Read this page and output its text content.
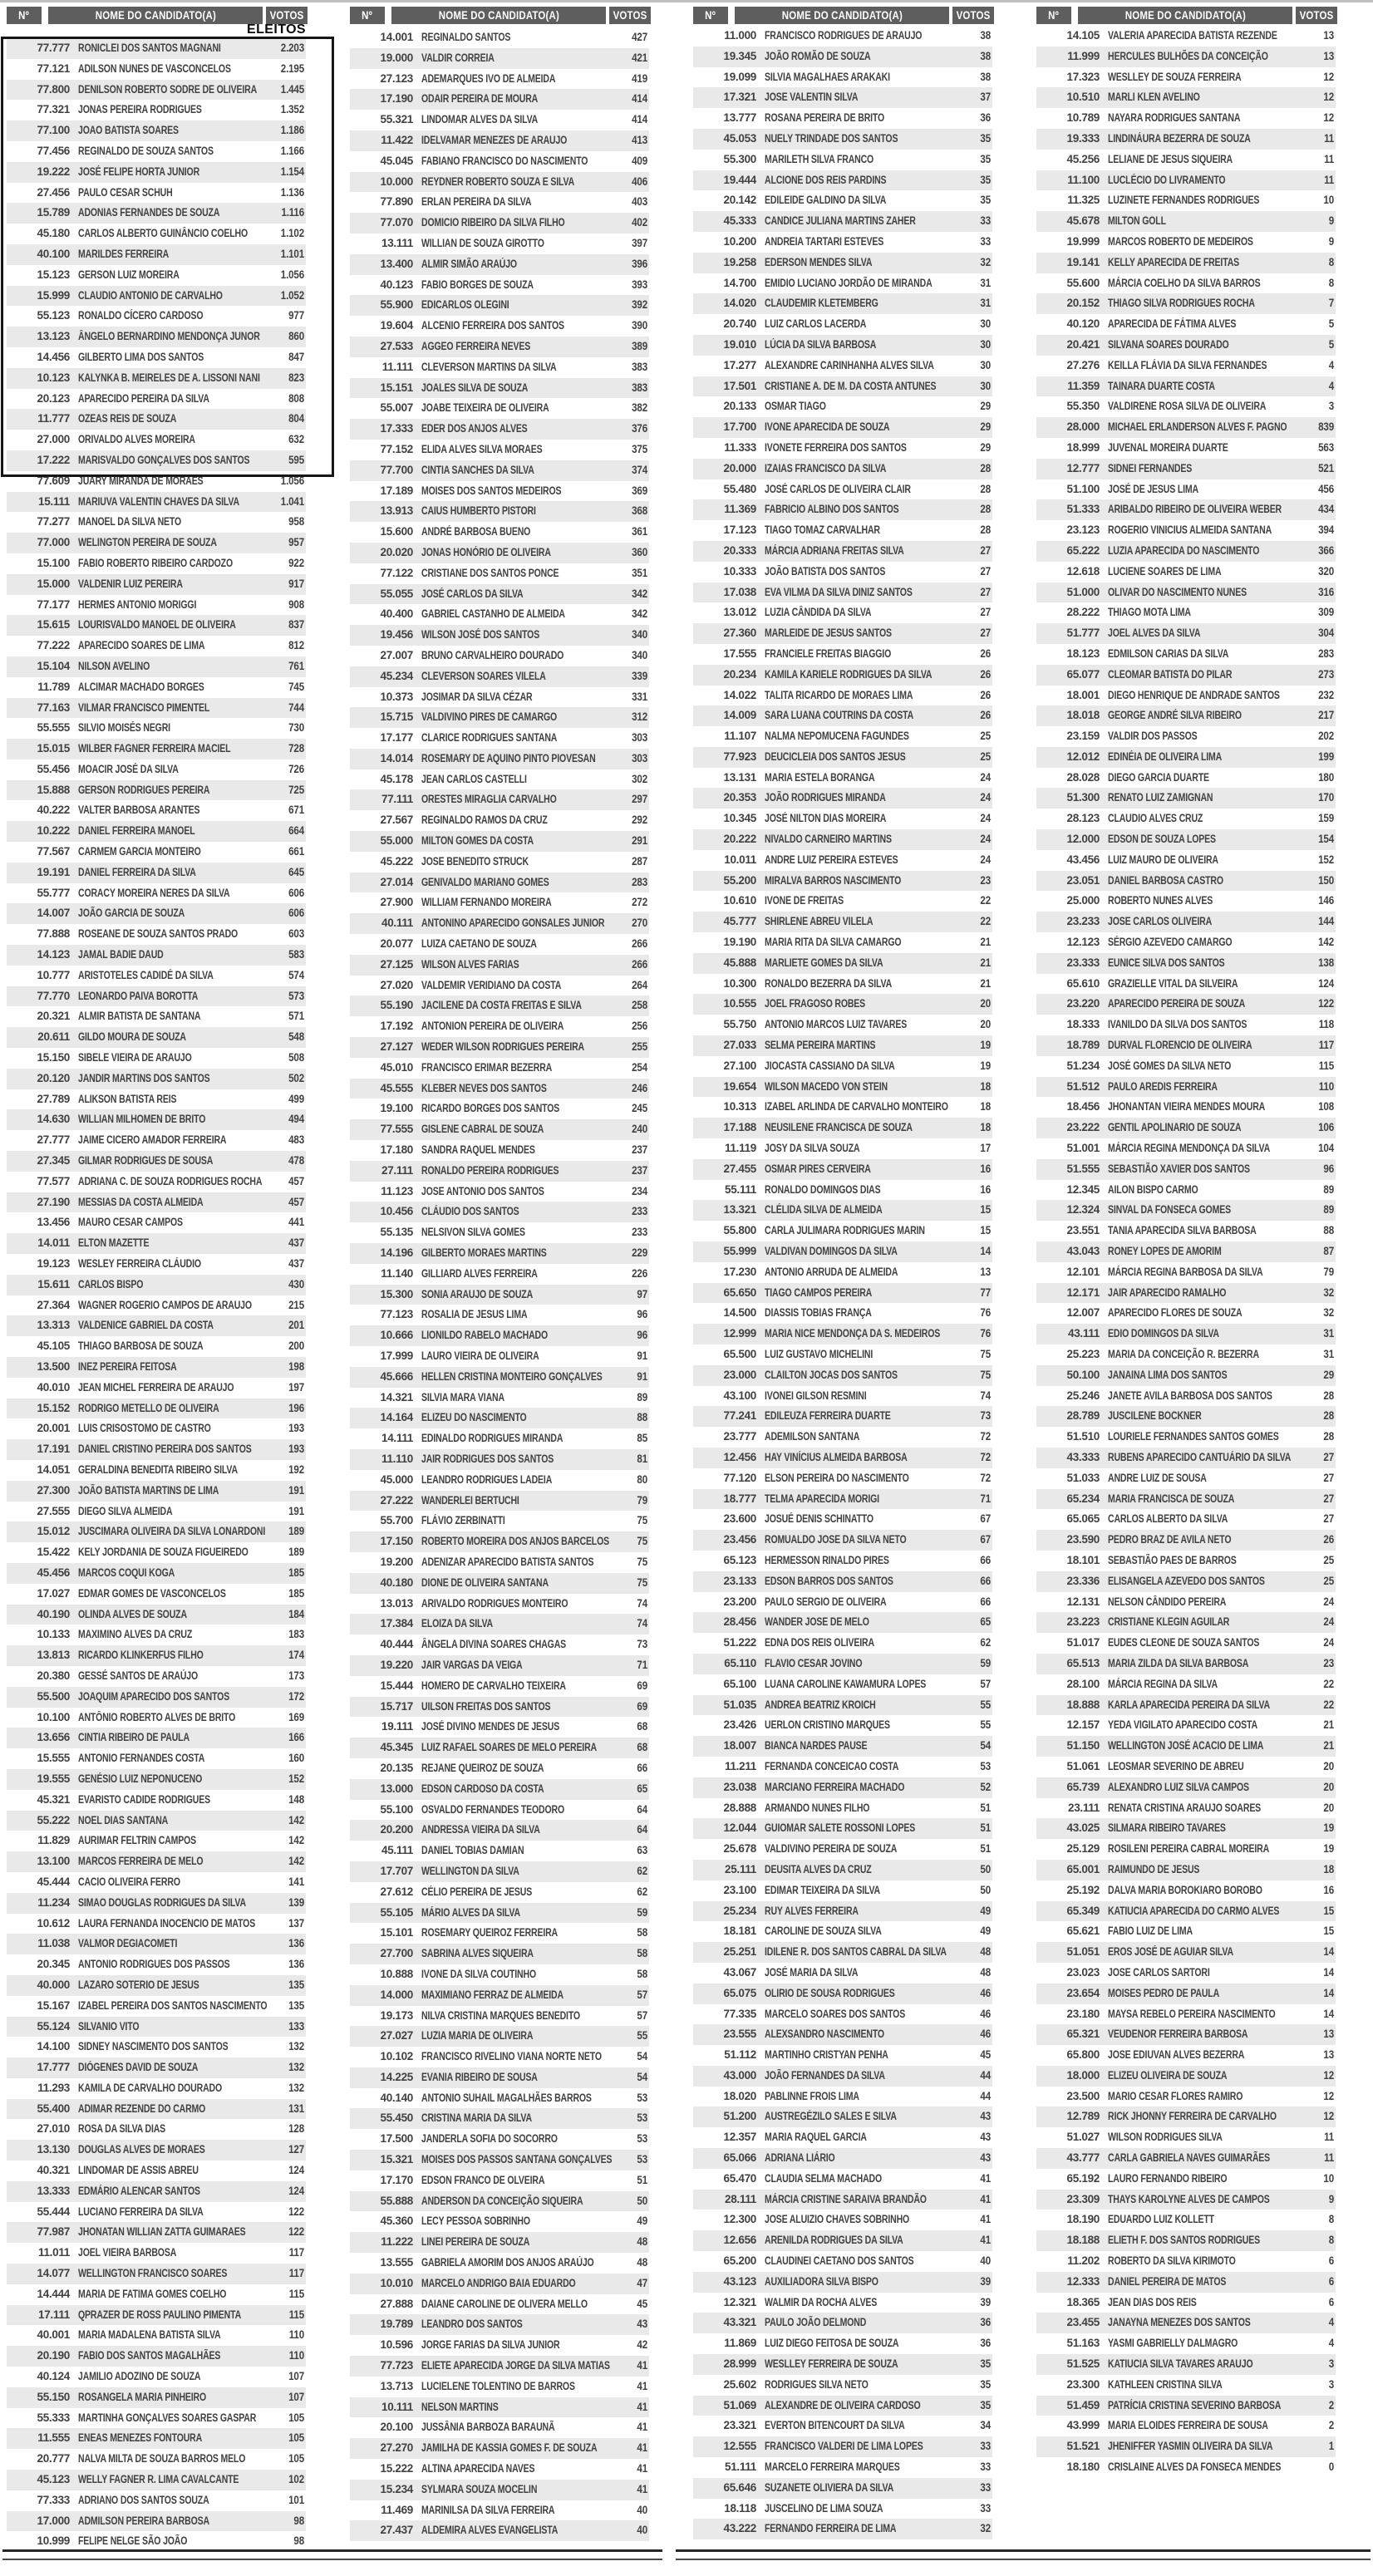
Nº	NOME DO CANDIDATO(A)	VOTOS
77.777 RONICLEI DOS SANTOS MAGNANI	2.203
77.121 ADILSON NUNES DE VASCONCELOS	2.195
77.800 DENILSON ROBERTO SODRE DE OLIVEIRA	1.445
77.321 JONAS PEREIRA RODRIGUES	1.352
77.100 JOAO BATISTA SOARES	1.186
77.456 REGINALDO DE SOUZA SANTOS	1.166
19.222 JOSÉ FELIPE HORTA JUNIOR	1.154
27.456 PAULO CESAR SCHUH	1.136
15.789 ADONIAS FERNANDES DE SOUZA	1.116
45.180 CARLOS ALBERTO GUINÂNCIO COELHO	1.102
40.100 MARILDES FERREIRA	1.101
15.123 GERSON LUIZ MOREIRA	1.056
15.999 CLAUDIO ANTONIO DE CARVALHO	1.052
55.123 RONALDO CÍCERO CARDOSO	977
13.123 ÂNGELO BERNARDINO MENDONÇA JUNOR	860
14.456 GILBERTO LIMA DOS SANTOS	847
10.123 KALYNKA B. MEIRELES DE A. LISSONI NANI	823
20.123 APARECIDO PEREIRA DA SILVA	808
11.777 OZEAS REIS DE SOUZA	804
27.000 ORIVALDO ALVES MOREIRA	632
17.222 MARISVALDO GONÇALVES DOS SANTOS	595
77.609 JUARY MIRANDA DE MORAES	1.056
15.111 MARIUVA VALENTIN CHAVES DA SILVA	1.041
77.277 MANOEL DA SILVA NETO	958
77.000 WELINGTON PEREIRA DE SOUZA	957
15.100 FABIO ROBERTO RIBEIRO CARDOZO	922
15.000 VALDENIR LUIZ PEREIRA	917
77.177 HERMES ANTONIO MORIGGI	908
15.615 LOURISVALDO MANOEL DE OLIVEIRA	837
77.222 APARECIDO SOARES DE LIMA	812
15.104 NILSON AVELINO	761
11.789 ALCIMAR MACHADO BORGES	745
77.163 VILMAR FRANCISCO PIMENTEL	744
55.555 SILVIO MOISÉS NEGRI	730
15.015 WILBER FAGNER FERREIRA MACIEL	728
55.456 MOACIR JOSÉ DA SILVA	726
15.888 GERSON RODRIGUES PEREIRA	725
40.222 VALTER BARBOSA ARANTES	671
10.222 DANIEL FERREIRA MANOEL	664
77.567 CARMEM GARCIA MONTEIRO	661
19.191 DANIEL FERREIRA DA SILVA	645
55.777 CORACY MOREIRA NERES DA SILVA	606
14.007 JOÃO GARCIA DE SOUZA	606
77.888 ROSEANE DE SOUZA SANTOS PRADO	603
14.123 JAMAL BADIE DAUD	583
10.777 ARISTOTELES CADIDÉ DA SILVA	574
77.770 LEONARDO PAIVA BOROTTA	573
20.321 ALMIR BATISTA DE SANTANA	571
20.611 GILDO MOURA DE SOUZA	548
15.150 SIBELE VIEIRA DE ARAUJO	508
20.120 JANDIR MARTINS DOS SANTOS	502
27.789 ALIKSON BATISTA REIS	499
14.630 WILLIAN MILHOMEN DE BRITO	494
27.777 JAIME CICERO AMADOR FERREIRA	483
27.345 GILMAR RODRIGUES DE SOUSA	478
77.577 ADRIANA C. DE SOUZA RODRIGUES ROCHA	457
27.190 MESSIAS DA COSTA ALMEIDA	457
13.456 MAURO CESAR CAMPOS	441
14.011 ELTON MAZETTE	437
19.123 WESLEY FERREIRA CLÁUDIO	437
15.611 CARLOS BISPO	430
27.364 WAGNER ROGERIO CAMPOS DE ARAUJO	215
13.313 VALDENICE GABRIEL DA COSTA	201
45.105 THIAGO BARBOSA DE SOUZA	200
13.500 INEZ PEREIRA FEITOSA	198
40.010 JEAN MICHEL FERREIRA DE ARAUJO	197
15.152 RODRIGO METELLO DE OLIVEIRA	196
20.001 LUIS CRISOSTOMO DE CASTRO	193
17.191 DANIEL CRISTINO PEREIRA DOS SANTOS	193
14.051 GERALDINA BENEDITA RIBEIRO SILVA	192
27.300 JOÃO BATISTA MARTINS DE LIMA	191
27.555 DIEGO SILVA ALMEIDA	191
15.012 JUSCIMARA OLIVEIRA DA SILVA LONARDONI	189
15.422 KELY JORDANIA DE SOUZA FIGUEIREDO	189
45.456 MARCOS COQUI KOGA	185
17.027 EDMAR GOMES DE VASCONCELOS	185
40.190 OLINDA ALVES DE SOUZA	184
10.133 MAXIMINO ALVES DA CRUZ	183
13.813 RICARDO KLINKERFUS FILHO	174
20.380 GESSÉ SANTOS DE ARAÚJO	173
55.500 JOAQUIM APARECIDO DOS SANTOS	172
10.100 ANTÔNIO ROBERTO ALVES DE BRITO	169
13.656 CINTIA RIBEIRO DE PAULA	166
15.555 ANTONIO FERNANDES COSTA	160
19.555 GENÉSIO LUIZ NEPONUCENO	152
45.321 EVARISTO CADIDE RODRIGUES	148
55.222 NOEL DIAS SANTANA	142
11.829 AURIMAR FELTRIN CAMPOS	142
13.100 MARCOS FERREIRA DE MELO	142
45.444 CACIO OLIVEIRA FERRO	141
11.234 SIMAO DOUGLAS RODRIGUES DA SILVA	139
10.612 LAURA FERNANDA INOCENCIO DE MATOS	137
11.038 VALMOR DEGIACOMETI	136
20.345 ANTONIO RODRIGUES DOS PASSOS	136
40.000 LAZARO SOTERIO DE JESUS	135
15.167 IZABEL PEREIRA DOS SANTOS NASCIMENTO	135
55.124 SILVANIO VITO	133
14.100 SIDNEY NASCIMENTO DOS SANTOS	132
17.777 DIÓGENES DAVID DE SOUZA	132
11.293 KAMILA DE CARVALHO DOURADO	132
55.400 ADIMAR REZENDE DO CARMO	131
27.010 ROSA DA SILVA DIAS	128
13.130 DOUGLAS ALVES DE MORAES	127
40.321 LINDOMAR DE ASSIS ABREU	124
13.333 EDMÁRIO ALENCAR SANTOS	124
55.444 LUCIANO FERREIRA DA SILVA	122
77.987 JHONATAN WILLIAN ZATTA GUIMARAES	122
11.011 JOEL VIEIRA BARBOSA	117
14.077 WELLINGTON FRANCISCO SOARES	117
14.444 MARIA DE FATIMA GOMES COELHO	115
17.111 QPRAZER DE ROSS PAULINO PIMENTA	115
40.001 MARIA MADALENA BATISTA SILVA	110
20.190 FABIO DOS SANTOS MAGALHÃES	110
40.124 JAMILIO ADOZINO DE SOUZA	107
55.150 ROSANGELA MARIA PINHEIRO	107
55.333 MARTINHA GONÇALVES SOARES GASPAR	105
11.555 ENEAS MENEZES FONTOURA	105
20.777 NALVA MILTA DE SOUZA BARROS MELO	105
45.123 WELLY FAGNER R. LIMA CAVALCANTE	102
77.333 ADRIANO DOS SANTOS SOUZA	101
17.000 ADMILSON PEREIRA BARBOSA	98
10.999 FELIPE NELGE SÃO JOÃO	98
ELEITOS
Nº	NOME DO CANDIDATO(A)	VOTOS
14.001 REGINALDO SANTOS	427
19.000 VALDIR CORREIA	421
27.123 ADEMARQUES IVO DE ALMEIDA	419
17.190 ODAIR PEREIRA DE MOURA	414
55.321 LINDOMAR ALVES DA SILVA	414
11.422 IDELVAMAR MENEZES DE ARAUJO	413
45.045 FABIANO FRANCISCO DO NASCIMENTO	409
10.000 REYDNER ROBERTO SOUZA E SILVA	406
77.890 ERLAN PEREIRA DA SILVA	403
77.070 DOMICIO RIBEIRO DA SILVA FILHO	402
13.111 WILLIAN DE SOUZA GIROTTO	397
13.400 ALMIR SIMÃO ARAÚJO	396
40.123 FABIO BORGES DE SOUZA	393
55.900 EDICARLOS OLEGINI	392
19.604 ALCENIO FERREIRA DOS SANTOS	390
27.533 AGGEO FERREIRA NEVES	389
11.111 CLEVERSON MARTINS DA SILVA	383
15.151 JOALES SILVA DE SOUZA	383
55.007 JOABE TEIXEIRA DE OLIVEIRA	382
17.333 EDER DOS ANJOS ALVES	376
77.152 ELIDA ALVES SILVA MORAES	375
77.700 CINTIA SANCHES DA SILVA	374
17.189 MOISES DOS SANTOS MEDEIROS	369
13.913 CAIUS HUMBERTO PISTORI	368
15.600 ANDRÉ BARBOSA BUENO	361
20.020 JONAS HONÓRIO DE OLIVEIRA	360
77.122 CRISTIANE DOS SANTOS PONCE	351
55.055 JOSÉ CARLOS DA SILVA	342
40.400 GABRIEL CASTANHO DE ALMEIDA	342
19.456 WILSON JOSÉ DOS SANTOS	340
27.007 BRUNO CARVALHEIRO DOURADO	340
45.234 CLEVERSON SOARES VILELA	339
10.373 JOSIMAR DA SILVA CÉZAR	331
15.715 VALDIVINO PIRES DE CAMARGO	312
17.177 CLARICE RODRIGUES SANTANA	303
14.014 ROSEMARY DE AQUINO PINTO PIOVESAN	303
45.178 JEAN CARLOS CASTELLI	302
77.111 ORESTES MIRAGLIA CARVALHO	297
27.567 REGINALDO RAMOS DA CRUZ	292
55.000 MILTON GOMES DA COSTA	291
45.222 JOSE BENEDITO STRUCK	287
27.014 GENIVALDO MARIANO GOMES	283
27.900 WILLIAM FERNANDO MOREIRA	272
40.111 ANTONINO APARECIDO GONSALES JUNIOR	270
20.077 LUIZA CAETANO DE SOUZA	266
27.125 WILSON ALVES FARIAS	266
27.020 VALDEMIR VERIDIANO DA COSTA	264
55.190 JACILENE DA COSTA FREITAS E SILVA	258
17.192 ANTONION PEREIRA DE OLIVEIRA	256
27.127 WEDER WILSON RODRIGUES PEREIRA	255
45.010 FRANCISCO ERIMAR BEZERRA	254
45.555 KLEBER NEVES DOS SANTOS	246
19.100 RICARDO BORGES DOS SANTOS	245
77.555 GISLENE CABRAL DE SOUZA	240
17.180 SANDRA RAQUEL MENDES	237
27.111 RONALDO PEREIRA RODRIGUES	237
11.123 JOSE ANTONIO DOS SANTOS	234
10.456 CLÁUDIO DOS SANTOS	233
55.135 NELSIVON SILVA GOMES	233
14.196 GILBERTO MORAES MARTINS	229
11.140 GILLIARD ALVES FERREIRA	226
15.300 SONIA ARAUJO DE SOUZA	97
77.123 ROSALIA DE JESUS LIMA	96
10.666 LIONILDO RABELO MACHADO	96
17.999 LAURO VIEIRA DE OLIVEIRA	91
45.666 HELLEN CRISTINA MONTEIRO GONÇALVES	91
14.321 SILVIA MARA VIANA	89
14.164 ELIZEU DO NASCIMENTO	88
14.111 EDINALDO RODRIGUES MIRANDA	85
11.110 JAIR RODRIGUES DOS SANTOS	81
45.000 LEANDRO RODRIGUES LADEIA	80
27.222 WANDERLEI BERTUCHI	79
55.700 FLÁVIO ZERBINATTI	75
17.150 ROBERTO MOREIRA DOS ANJOS BARCELOS	75
19.200 ADENIZAR APARECIDO BATISTA SANTOS	75
40.180 DIONE DE OLIVEIRA SANTANA	75
13.013 ARIVALDO RODRIGUES MONTEIRO	74
17.384 ELOIZA DA SILVA	74
40.444 ÂNGELA DIVINA SOARES CHAGAS	73
19.220 JAIR VARGAS DA VEIGA	71
15.444 HOMERO DE CARVALHO TEIXEIRA	69
15.717 UILSON FREITAS DOS SANTOS	69
19.111 JOSÉ DIVINO MENDES DE JESUS	68
45.345 LUIZ RAFAEL SOARES DE MELO PEREIRA	68
20.135 REJANE QUEIROZ DE SOUZA	66
13.000 EDSON CARDOSO DA COSTA	65
55.100 OSVALDO FERNANDES TEODORO	64
20.200 ANDRESSA VIEIRA DA SILVA	64
45.111 DANIEL TOBIAS DAMIAN	63
17.707 WELLINGTON DA SILVA	62
27.612 CÉLIO PEREIRA DE JESUS	62
55.105 MÁRIO ALVES DA SILVA	59
15.101 ROSEMARY QUEIROZ FERREIRA	58
27.700 SABRINA ALVES SIQUEIRA	58
10.888 IVONE DA SILVA COUTINHO	58
14.000 MAXIMIANO FERRAZ DE ALMEIDA	57
19.173 NILVA CRISTINA MARQUES BENEDITO	57
27.027 LUZIA MARIA DE OLIVEIRA	55
10.102 FRANCISCO RIVELINO VIANA NORTE NETO	54
14.225 EVANIA RIBEIRO DE SOUSA	54
40.140 ANTONIO SUHAIL MAGALHÃES BARROS	53
55.450 CRISTINA MARIA DA SILVA	53
17.500 JANDERLA SOFIA DO SOCORRO	53
15.321 MOISES DOS PASSOS SANTANA GONÇALVES	53
17.170 EDSON FRANCO DE OLVEIRA	51
55.888 ANDERSON DA CONCEIÇÃO SIQUEIRA	50
45.360 LECY PESSOA SOBRINHO	49
11.222 LINEI PEREIRA DE SOUZA	48
13.555 GABRIELA AMORIM DOS ANJOS ARAÚJO	48
10.010 MARCELO ANDRIGO BAIA EDUARDO	47
27.888 DAIANE CAROLINE DE OLIVERA MELLO	45
19.789 LEANDRO DOS SANTOS	43
10.596 JORGE FARIAS DA SILVA JUNIOR	42
77.723 ELIETE APARECIDA JORGE DA SILVA MATIAS	41
13.713 LUCIELENE TOLENTINO DE BARROS	41
10.111 NELSON MARTINS	41
20.100 JUSSÂNIA BARBOZA BARAUNÃ	41
27.270 JAMILHA DE KASSIA GOMES F. DE SOUZA	41
15.222 ALTINA APARECIDA NAVES	41
15.234 SYLMARA SOUZA MOCELIN	41
11.469 MARINILSA DA SILVA FERREIRA	40
27.437 ALDEMIRA ALVES EVANGELISTA	40
Nº	NOME DO CANDIDATO(A)	VOTOS
11.000 FRANCISCO RODRIGUES DE ARAUJO	38
19.345 JOÃO ROMÃO DE SOUZA	38
19.099 SILVIA MAGALHAES ARAKAKI	38
17.321 JOSE VALENTIN SILVA	37
13.777 ROSANA PEREIRA DE BRITO	36
45.053 NUELY TRINDADE DOS SANTOS	35
55.300 MARILETH SILVA FRANCO	35
19.444 ALCIONE DOS REIS PARDINS	35
20.142 EDILEIDE GALDINO DA SILVA	35
45.333 CANDICE JULIANA MARTINS ZAHER	33
10.200 ANDREIA TARTARI ESTEVES	33
19.258 EDERSON MENDES SILVA	32
14.700 EMIDIO LUCIANO JORDÃO DE MIRANDA	31
14.020 CLAUDEMIR KLETEMBERG	31
20.740 LUIZ CARLOS LACERDA	30
19.010 LÚCIA DA SILVA BARBOSA	30
17.277 ALEXANDRE CARINHANHA ALVES SILVA	30
17.501 CRISTIANE A. DE M. DA COSTA ANTUNES	30
20.133 OSMAR TIAGO	29
17.700 IVONE APARECIDA DE SOUZA	29
11.333 IVONETE FERREIRA DOS SANTOS	29
20.000 IZAIAS FRANCISCO DA SILVA	28
55.480 JOSÉ CARLOS DE OLIVEIRA CLAIR	28
11.369 FABRICIO ALBINO DOS SANTOS	28
17.123 TIAGO TOMAZ CARVALHAR	28
20.333 MÁRCIA ADRIANA FREITAS SILVA	27
10.333 JOÃO BATISTA DOS SANTOS	27
17.038 EVA VILMA DA SILVA DINIZ SANTOS	27
13.012 LUZIA CÂNDIDA DA SILVA	27
27.360 MARLEIDE DE JESUS SANTOS	27
17.555 FRANCIELE FREITAS BIAGGIO	26
20.234 KAMILA KARIELE RODRIGUES DA SILVA	26
14.022 TALITA RICARDO DE MORAES LIMA	26
14.009 SARA LUANA COUTRINS DA COSTA	26
11.107 NALMA NEPOMUCENA FAGUNDES	25
77.923 DEUCICLEIA DOS SANTOS JESUS	25
13.131 MARIA ESTELA BORANGA	24
20.353 JOÃO RODRIGUES MIRANDA	24
10.345 JOSÉ NILTON DIAS MOREIRA	24
20.222 NIVALDO CARNEIRO MARTINS	24
10.011 ANDRE LUIZ PEREIRA ESTEVES	24
55.200 MIRALVA BARROS NASCIMENTO	23
10.610 IVONE DE FREITAS	22
45.777 SHIRLENE ABREU VILELA	22
19.190 MARIA RITA DA SILVA CAMARGO	21
45.888 MARLIETE GOMES DA SILVA	21
10.300 RONALDO BEZERRA DA SILVA	21
10.555 JOEL FRAGOSO ROBES	20
55.750 ANTONIO MARCOS LUIZ TAVARES	20
27.033 SELMA PEREIRA MARTINS	19
27.100 JIOCASTA CASSIANO DA SILVA	19
19.654 WILSON MACEDO VON STEIN	18
10.313 IZABEL ARLINDA DE CARVALHO MONTEIRO	18
17.188 NEUSILENE FRANCISCA DE SOUZA	18
11.119 JOSY DA SILVA SOUZA	17
27.455 OSMAR PIRES CERVEIRA	16
55.111 RONALDO DOMINGOS DIAS	16
13.321 CLÉLIDA SILVA DE ALMEIDA	15
55.800 CARLA JULIMARA RODRIGUES MARIN	15
55.999 VALDIVAN DOMINGOS DA SILVA	14
17.230 ANTONIO ARRUDA DE ALMEIDA	13
65.650 TIAGO CAMPOS PEREIRA	77
14.500 DIASSIS TOBIAS FRANÇA	76
12.999 MARIA NICE MENDONÇA DA S. MEDEIROS	76
65.500 LUIZ GUSTAVO MICHELINI	75
23.000 CLAILTON JOCAS DOS SANTOS	75
43.100 IVONEI GILSON RESMINI	74
77.241 EDILEUZA FERREIRA DUARTE	73
23.777 ADEMILSON SANTANA	72
12.456 HAY VINÍCIUS ALMEIDA BARBOSA	72
77.120 ELSON PEREIRA DO NASCIMENTO	72
18.777 TELMA APARECIDA MORIGI	71
23.600 JOSUÉ DENIS SCHINATTO	67
23.456 ROMUALDO JOSE DA SILVA NETO	67
65.123 HERMESSON RINALDO PIRES	66
23.133 EDSON BARROS DOS SANTOS	66
23.200 PAULO SERGIO DE OLIVEIRA	66
28.456 WANDER JOSE DE MELO	65
51.222 EDNA DOS REIS OLIVEIRA	62
65.110 FLAVIO CESAR JOVINO	59
65.100 LUANA CAROLINE KAWAMURA LOPES	57
51.035 ANDREA BEATRIZ KROICH	55
23.426 UERLON CRISTINO MARQUES	55
18.007 BIANCA NARDES PAUSE	54
11.211 FERNANDA CONCEICAO COSTA	53
23.038 MARCIANO FERREIRA MACHADO	52
28.888 ARMANDO NUNES FILHO	51
12.044 GUIOMAR SALETE ROSSONI LOPES	51
25.678 VALDIVINO PEREIRA DE SOUZA	51
25.111 DEUSITA ALVES DA CRUZ	50
23.100 EDIMAR TEIXEIRA DA SILVA	50
25.234 RUY ALVES FERREIRA	49
18.181 CAROLINE DE SOUZA SILVA	49
25.251 IDILENE R. DOS SANTOS CABRAL DA SILVA	48
43.067 JOSÉ MARIA DA SILVA	48
65.075 OLIRIO DE SOUSA RODRIGUES	46
77.335 MARCELO SOARES DOS SANTOS	46
23.555 ALEXSANDRO NASCIMENTO	46
51.112 MARTINHO CRISTYAN PENHA	45
43.000 JOÃO FERNANDES DA SILVA	44
18.020 PABLINNE FROIS LIMA	44
51.200 AUSTREGÉZILO SALES E SILVA	43
12.357 MARIA RAQUEL GARCIA	43
65.066 ADRIANA LIÁRIO	43
65.470 CLAUDIA SELMA MACHADO	41
28.111 MÁRCIA CRISTINE SARAIVA BRANDÃO	41
12.300 JOSE ALUIZIO CHAVES SOBRINHO	41
12.656 ARENILDA RODRIGUES DA SILVA	41
65.200 CLAUDINEI CAETANO DOS SANTOS	40
43.123 AUXILIADORA SILVA BISPO	39
12.321 WALMIR DA ROCHA ALVES	39
43.321 PAULO JOÃO DELMOND	36
11.869 LUIZ DIEGO FEITOSA DE SOUZA	36
28.999 WESLLEY FERREIRA DE SOUZA	35
25.602 RODRIGUES SILVA NETO	35
51.069 ALEXANDRE DE OLIVEIRA CARDOSO	35
23.321 EVERTON BITENCOURT DA SILVA	34
12.555 FRANCISCO VALDERI DE LIMA LOPES	33
51.111 MARCELO FERREIRA MARQUES	33
65.646 SUZANETE OLIVIERA DA SILVA	33
18.118 JUSCELINO DE LIMA SOUZA	33
43.222 FERNANDO FERREIRA DE LIMA	32
Nº	NOME DO CANDIDATO(A)	VOTOS
14.105 VALERIA APARECIDA BATISTA REZENDE	13
11.999 HERCULES BULHÕES DA CONCEIÇÃO	13
17.323 WESLLEY DE SOUZA FERREIRA	12
10.510 MARLI KLEN AVELINO	12
10.789 NAYARA RODRIGUES SANTANA	12
19.333 LINDINÁURA BEZERRA DE SOUZA	11
45.256 LELIANE DE JESUS SIQUEIRA	11
11.100 LUCLÉCIO DO LIVRAMENTO	11
11.325 LUZINETE FERNANDES RODRIGUES	10
45.678 MILTON GOLL	9
19.999 MARCOS ROBERTO DE MEDEIROS	9
19.141 KELLY APARECIDA DE FREITAS	8
55.600 MÁRCIA COELHO DA SILVA BARROS	8
20.152 THIAGO SILVA RODRIGUES ROCHA	7
40.120 APARECIDA DE FÁTIMA ALVES	5
20.421 SILVANA SOARES DOURADO	5
27.276 KEILLA FLÁVIA DA SILVA FERNANDES	4
11.359 TAINARA DUARTE COSTA	4
55.350 VALDIRENE ROSA SILVA DE OLIVEIRA	3
28.000 MICHAEL ERLANDERSON ALVES F. PAGNO	839
18.999 JUVENAL MOREIRA DUARTE	563
12.777 SIDNEI FERNANDES	521
51.100 JOSÉ DE JESUS LIMA	456
51.333 ARIBALDO RIBEIRO DE OLIVEIRA WEBER	434
23.123 ROGERIO VINICIUS ALMEIDA SANTANA	394
65.222 LUZIA APARECIDA DO NASCIMENTO	366
12.618 LUCIENE SOARES DE LIMA	320
51.000 OLIVAR DO NASCIMENTO NUNES	316
28.222 THIAGO MOTA LIMA	309
51.777 JOEL ALVES DA SILVA	304
18.123 EDMILSON CARIAS DA SILVA	283
65.077 CLEOMAR BATISTA DO PILAR	273
18.001 DIEGO HENRIQUE DE ANDRADE SANTOS	232
18.018 GEORGE ANDRÉ SILVA RIBEIRO	217
23.159 VALDIR DOS PASSOS	202
12.012 EDINÉIA DE OLIVEIRA LIMA	199
28.028 DIEGO GARCIA DUARTE	180
51.300 RENATO LUIZ ZAMIGNAN	170
28.123 CLAUDIO ALVES CRUZ	159
12.000 EDSON DE SOUZA LOPES	154
43.456 LUIZ MAURO DE OLIVEIRA	152
23.051 DANIEL BARBOSA CASTRO	150
25.000 ROBERTO NUNES ALVES	146
23.233 JOSE CARLOS OLIVEIRA	144
12.123 SÉRGIO AZEVEDO CAMARGO	142
23.333 EUNICE SILVA DOS SANTOS	138
65.610 GRAZIELLE VITAL DA SILVEIRA	124
23.220 APARECIDO PEREIRA DE SOUZA	122
18.333 IVANILDO DA SILVA DOS SANTOS	118
18.789 DURVAL FLORENCIO DE OLIVEIRA	117
51.234 JOSÉ GOMES DA SILVA NETO	115
51.512 PAULO AREDIS FERREIRA	110
18.456 JHONANTAN VIEIRA MENDES MOURA	108
23.222 GENTIL APOLINARIO DE SOUZA	106
51.001 MÁRCIA REGINA MENDONÇA DA SILVA	104
51.555 SEBASTIÃO XAVIER DOS SANTOS	96
12.345 AILON BISPO CARMO	89
12.324 SINVAL DA FONSECA GOMES	89
23.551 TANIA APARECIDA SILVA BARBOSA	88
43.043 RONEY LOPES DE AMORIM	87
12.101 MÁRCIA REGINA BARBOSA DA SILVA	79
12.171 JAIR APARECIDO RAMALHO	32
12.007 APARECIDO FLORES DE SOUZA	32
43.111 EDIO DOMINGOS DA SILVA	31
25.223 MARIA DA CONCEIÇÃO R. BEZERRA	31
50.100 JANAINA LIMA DOS SANTOS	29
25.246 JANETE AVILA BARBOSA DOS SANTOS	28
28.789 JUSCILENE BOCKNER	28
51.510 LOURIELE FERNANDES SANTOS GOMES	28
43.333 RUBENS APARECIDO CANTUÁRIO DA SILVA	27
51.033 ANDRE LUIZ DE SOUSA	27
65.234 MARIA FRANCISCA DE SOUZA	27
65.065 CARLOS ALBERTO DA SILVA	27
23.590 PEDRO BRAZ DE AVILA NETO	26
18.101 SEBASTIÃO PAES DE BARROS	25
23.336 ELISANGELA AZEVEDO DOS SANTOS	25
12.131 NELSON CÂNDIDO PEREIRA	24
23.223 CRISTIANE KLEGIN AGUILAR	24
51.017 EUDES CLEONE DE SOUZA SANTOS	24
65.513 MARIA ZILDA DA SILVA BARBOSA	23
28.100 MÁRCIA REGINA DA SILVA	22
18.888 KARLA APARECIDA PEREIRA DA SILVA	22
12.157 YEDA VIGILATO APARECIDO COSTA	21
51.150 WELLINGTON JOSÉ ACACIO DE LIMA	21
51.061 LEOSMAR SEVERINO DE ABREU	20
65.739 ALEXANDRO LUIZ SILVA CAMPOS	20
23.111 RENATA CRISTINA ARAUJO SOARES	20
43.025 SILMARA RIBEIRO TAVARES	19
25.129 ROSILENI PEREIRA CABRAL MOREIRA	19
65.001 RAIMUNDO DE JESUS	18
25.192 DALVA MARIA BOROKIARO BOROBO	16
65.349 KATIUCIA APARECIDA DO CARMO ALVES	15
65.621 FABIO LUIZ DE LIMA	15
51.051 EROS JOSÉ DE AGUIAR SILVA	14
23.023 JOSE CARLOS SARTORI	14
23.654 MOISES PEDRO DE PAULA	14
23.180 MAYSA REBELO PEREIRA NASCIMENTO	14
65.321 VEUDENOR FERREIRA BARBOSA	13
65.800 JOSE EDIUVAN ALVES BEZERRA	13
18.000 ELIZEU OLIVEIRA DE SOUZA	12
23.500 MARIO CESAR FLORES RAMIRO	12
12.789 RICK JHONNY FERREIRA DE CARVALHO	12
51.027 WILSON RODRIGUES SILVA	11
43.777 CARLA GABRIELA NAVES GUIMARÃES	11
65.192 LAURO FERNANDO RIBEIRO	10
23.309 THAYS KAROLYNE ALVES DE CAMPOS	9
18.190 EDUARDO LUIZ KOLLETT	8
18.188 ELIETH F. DOS SANTOS RODRIGUES	8
11.202 ROBERTO DA SILVA KIRIMOTO	6
12.333 DANIEL PEREIRA DE MATOS	6
18.365 JEAN DIAS DOS REIS	6
23.455 JANAYNA MENEZES DOS SANTOS	4
51.163 YASMI GABRIELLY DALMAGRO	4
51.525 KATIUCIA SILVA TAVARES ARAUJO	3
23.300 KATHLEEN CRISTINA SILVA	3
51.459 PATRÍCIA CRISTINA SEVERINO BARBOSA	2
43.999 MARIA ELOIDES FERREIRA DE SOUSA	2
51.521 JHENIFFER YASMIN OLIVEIRA DA SILVA	1
18.180 CRISLAINE ALVES DA FONSECA MENDES	0
